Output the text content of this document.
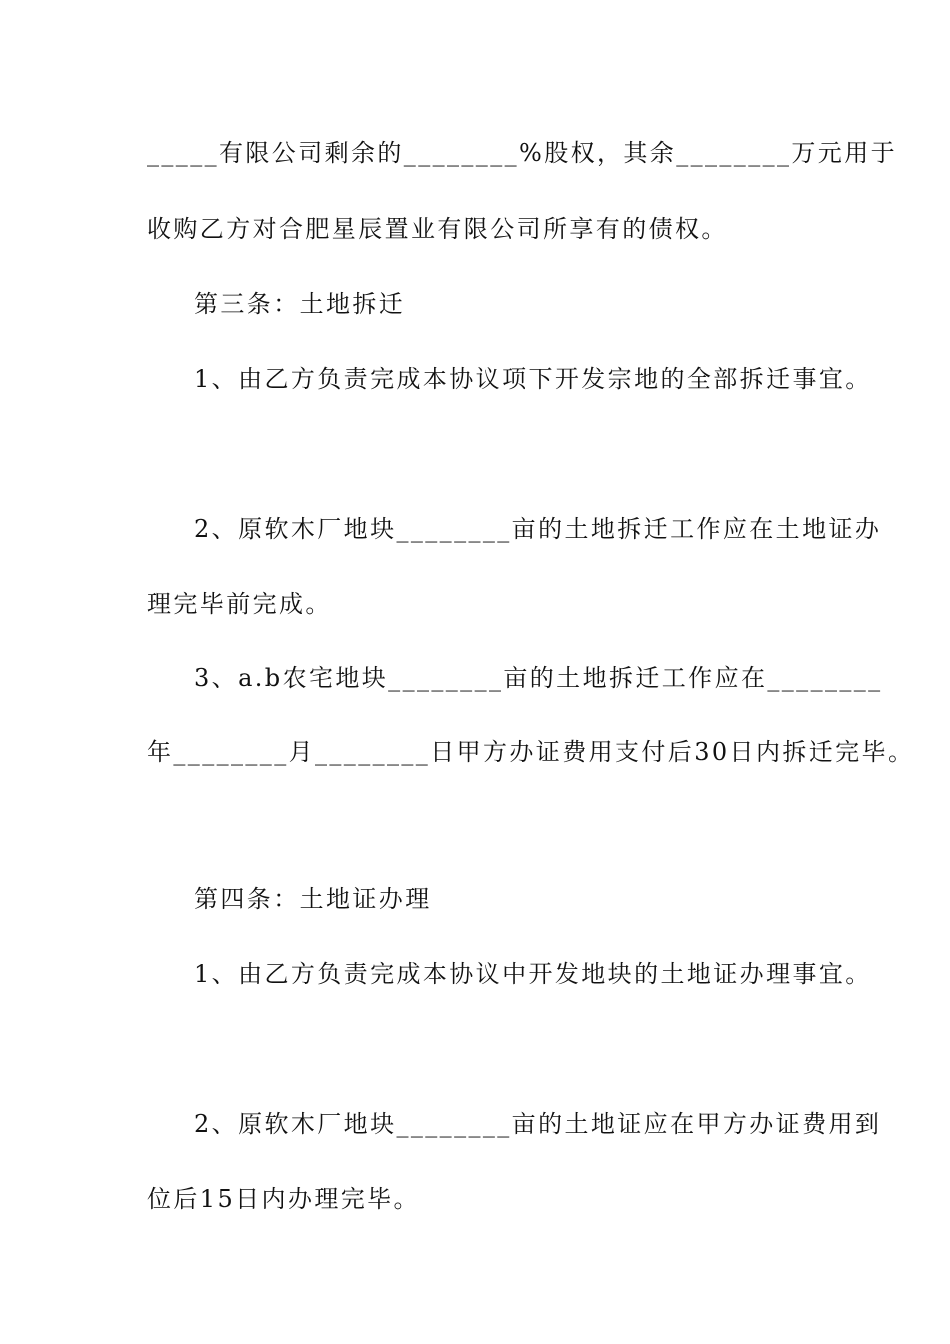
_____有限公司剩余的________%股权，其余________万元用于
收购乙方对合肥星辰置业有限公司所享有的债权。
第三条：土地拆迁
1、由乙方负责完成本协议项下开发宗地的全部拆迁事宜。
2、原软木厂地块________亩的土地拆迁工作应在土地证办
理完毕前完成。
3、a.b农宅地块________亩的土地拆迁工作应在________
年________月________日甲方办证费用支付后30日内拆迁完毕。
第四条：土地证办理
1、由乙方负责完成本协议中开发地块的土地证办理事宜。
2、原软木厂地块________亩的土地证应在甲方办证费用到
位后15日内办理完毕。
